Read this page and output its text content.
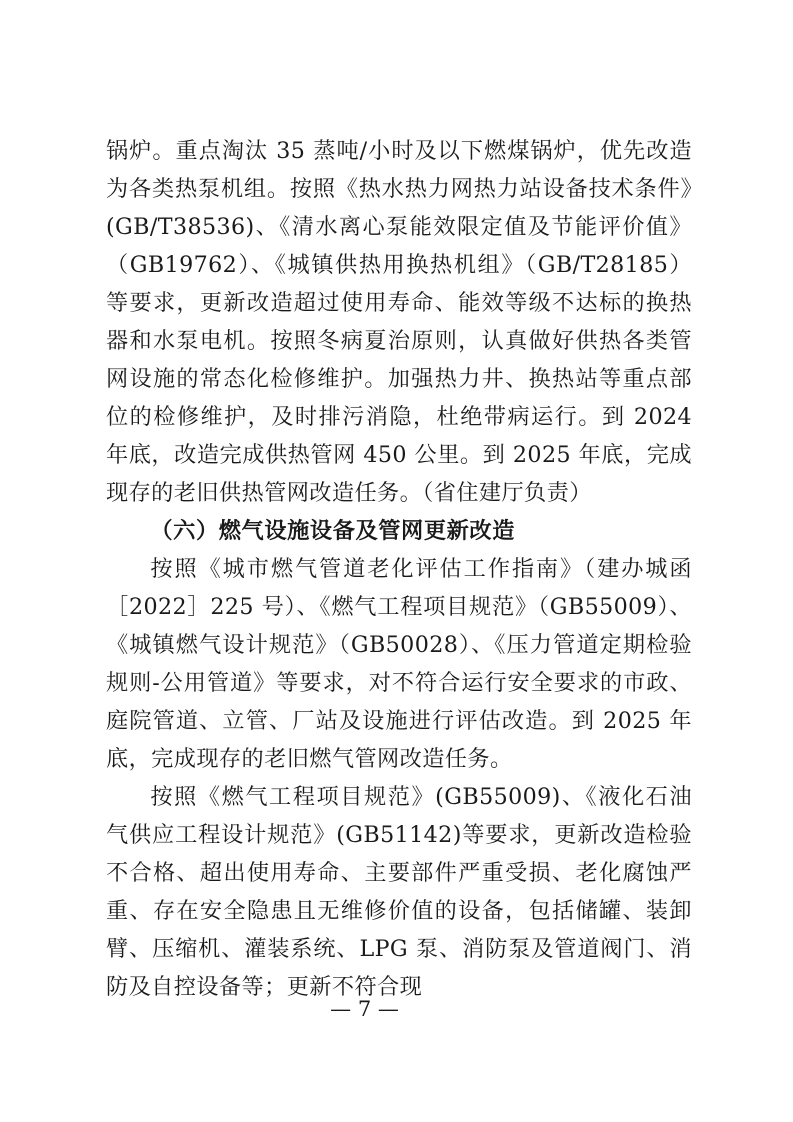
锅炉。重点淘汰 35 蒸吨/小时及以下燃煤锅炉，优先改造为各类热泵机组。按照《热水热力网热力站设备技术条件》(GB/T38536)、《清水离心泵能效限定值及节能评价值》（GB19762）、《城镇供热用换热机组》（GB/T28185）等要求，更新改造超过使用寿命、能效等级不达标的换热器和水泵电机。按照冬病夏治原则，认真做好供热各类管网设施的常态化检修维护。加强热力井、换热站等重点部位的检修维护，及时排污消隐，杜绝带病运行。到 2024 年底，改造完成供热管网 450 公里。到 2025 年底，完成现存的老旧供热管网改造任务。（省住建厅负责）

（六）燃气设施设备及管网更新改造

按照《城市燃气管道老化评估工作指南》（建办城函［2022］225 号）、《燃气工程项目规范》（GB55009）、《城镇燃气设计规范》（GB50028）、《压力管道定期检验规则-公用管道》等要求，对不符合运行安全要求的市政、庭院管道、立管、厂站及设施进行评估改造。到 2025 年底，完成现存的老旧燃气管网改造任务。

按照《燃气工程项目规范》(GB55009)、《液化石油气供应工程设计规范》(GB51142)等要求，更新改造检验不合格、超出使用寿命、主要部件严重受损、老化腐蚀严重、存在安全隐患且无维修价值的设备，包括储罐、装卸臂、压缩机、灌装系统、LPG 泵、消防泵及管道阀门、消防及自控设备等；更新不符合现

— 7 —
